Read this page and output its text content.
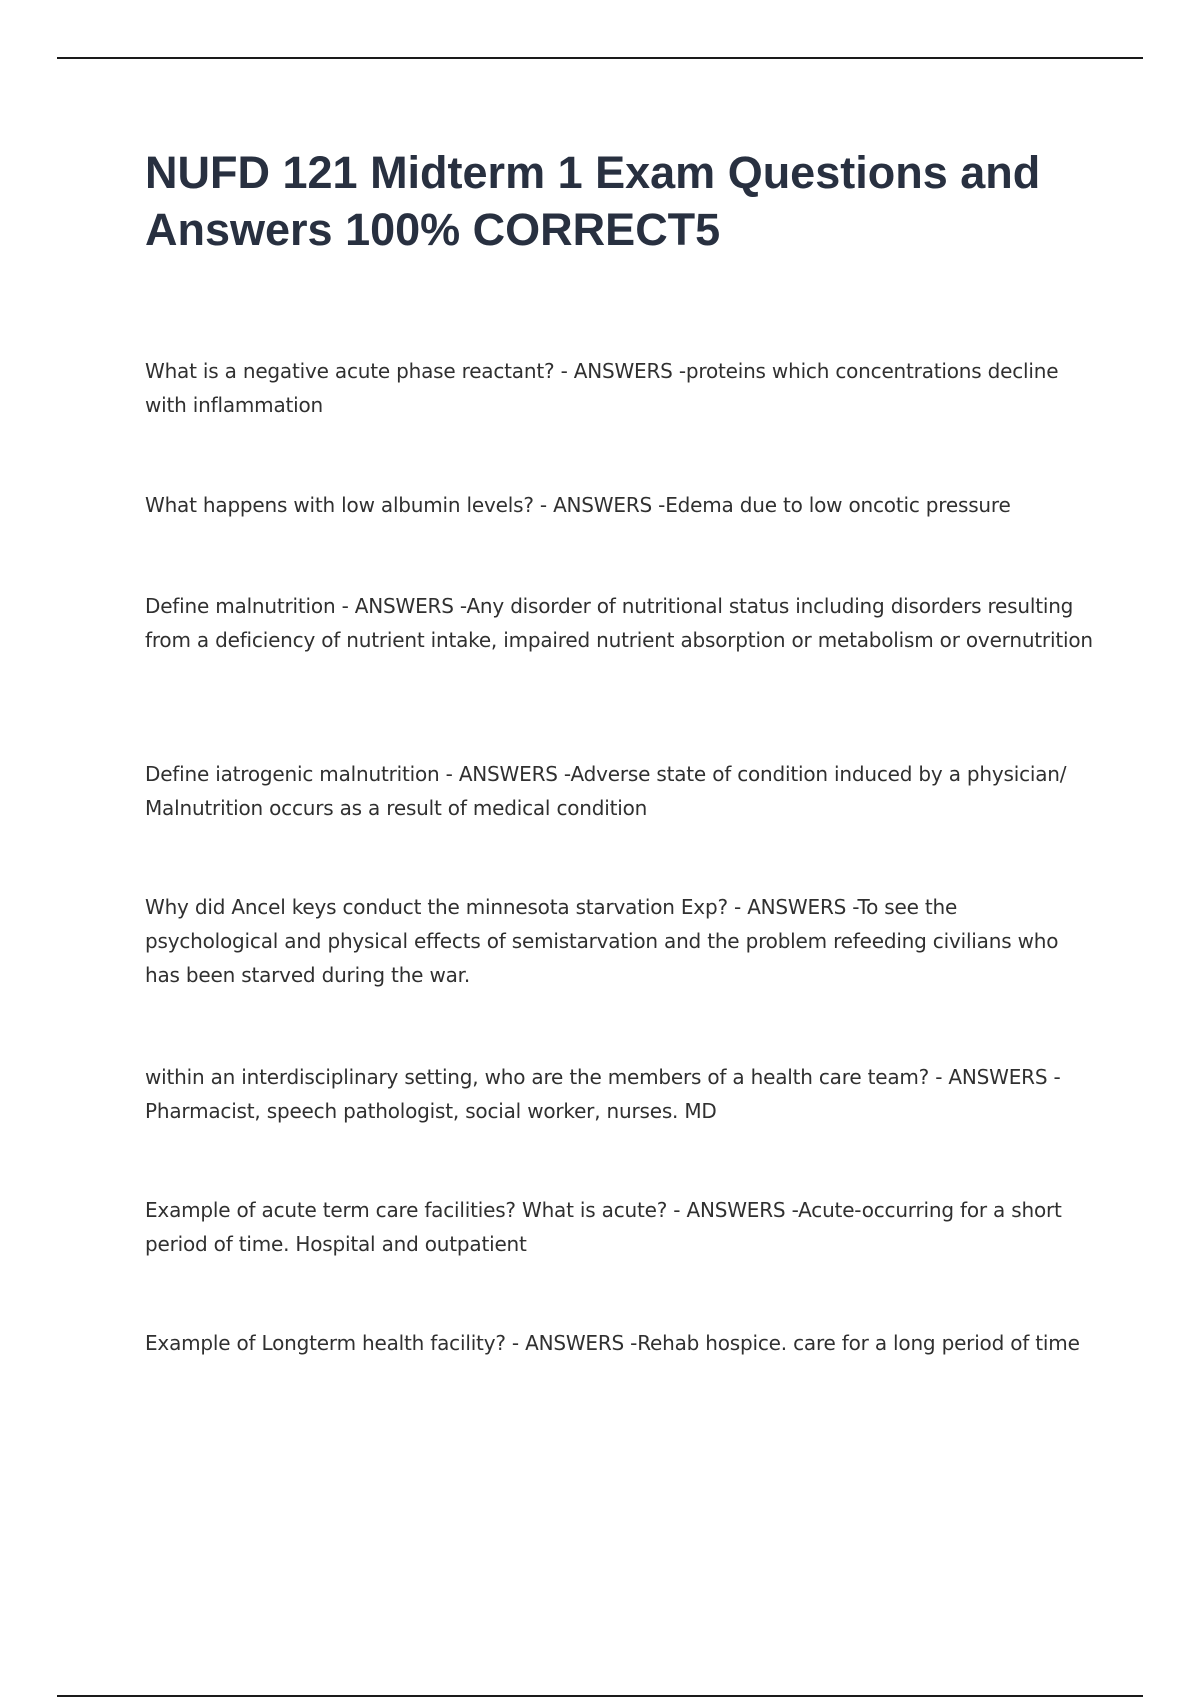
NUFD 121 Midterm 1 Exam Questions and Answers 100% CORRECT5

What is a negative acute phase reactant? - ANSWERS -proteins which concentrations decline with inflammation

What happens with low albumin levels? - ANSWERS -Edema due to low oncotic pressure

Define malnutrition - ANSWERS -Any disorder of nutritional status including disorders resulting from a deficiency of nutrient intake, impaired nutrient absorption or metabolism or overnutrition

Define iatrogenic malnutrition - ANSWERS -Adverse state of condition induced by a physician/ Malnutrition occurs as a result of medical condition

Why did Ancel keys conduct the minnesota starvation Exp? - ANSWERS -To see the psychological and physical effects of semistarvation and the problem refeeding civilians who has been starved during the war.

within an interdisciplinary setting, who are the members of a health care team? - ANSWERS -Pharmacist, speech pathologist, social worker, nurses. MD

Example of acute term care facilities? What is acute? - ANSWERS -Acute-occurring for a short period of time. Hospital and outpatient

Example of Longterm health facility? - ANSWERS -Rehab hospice. care for a long period of time
